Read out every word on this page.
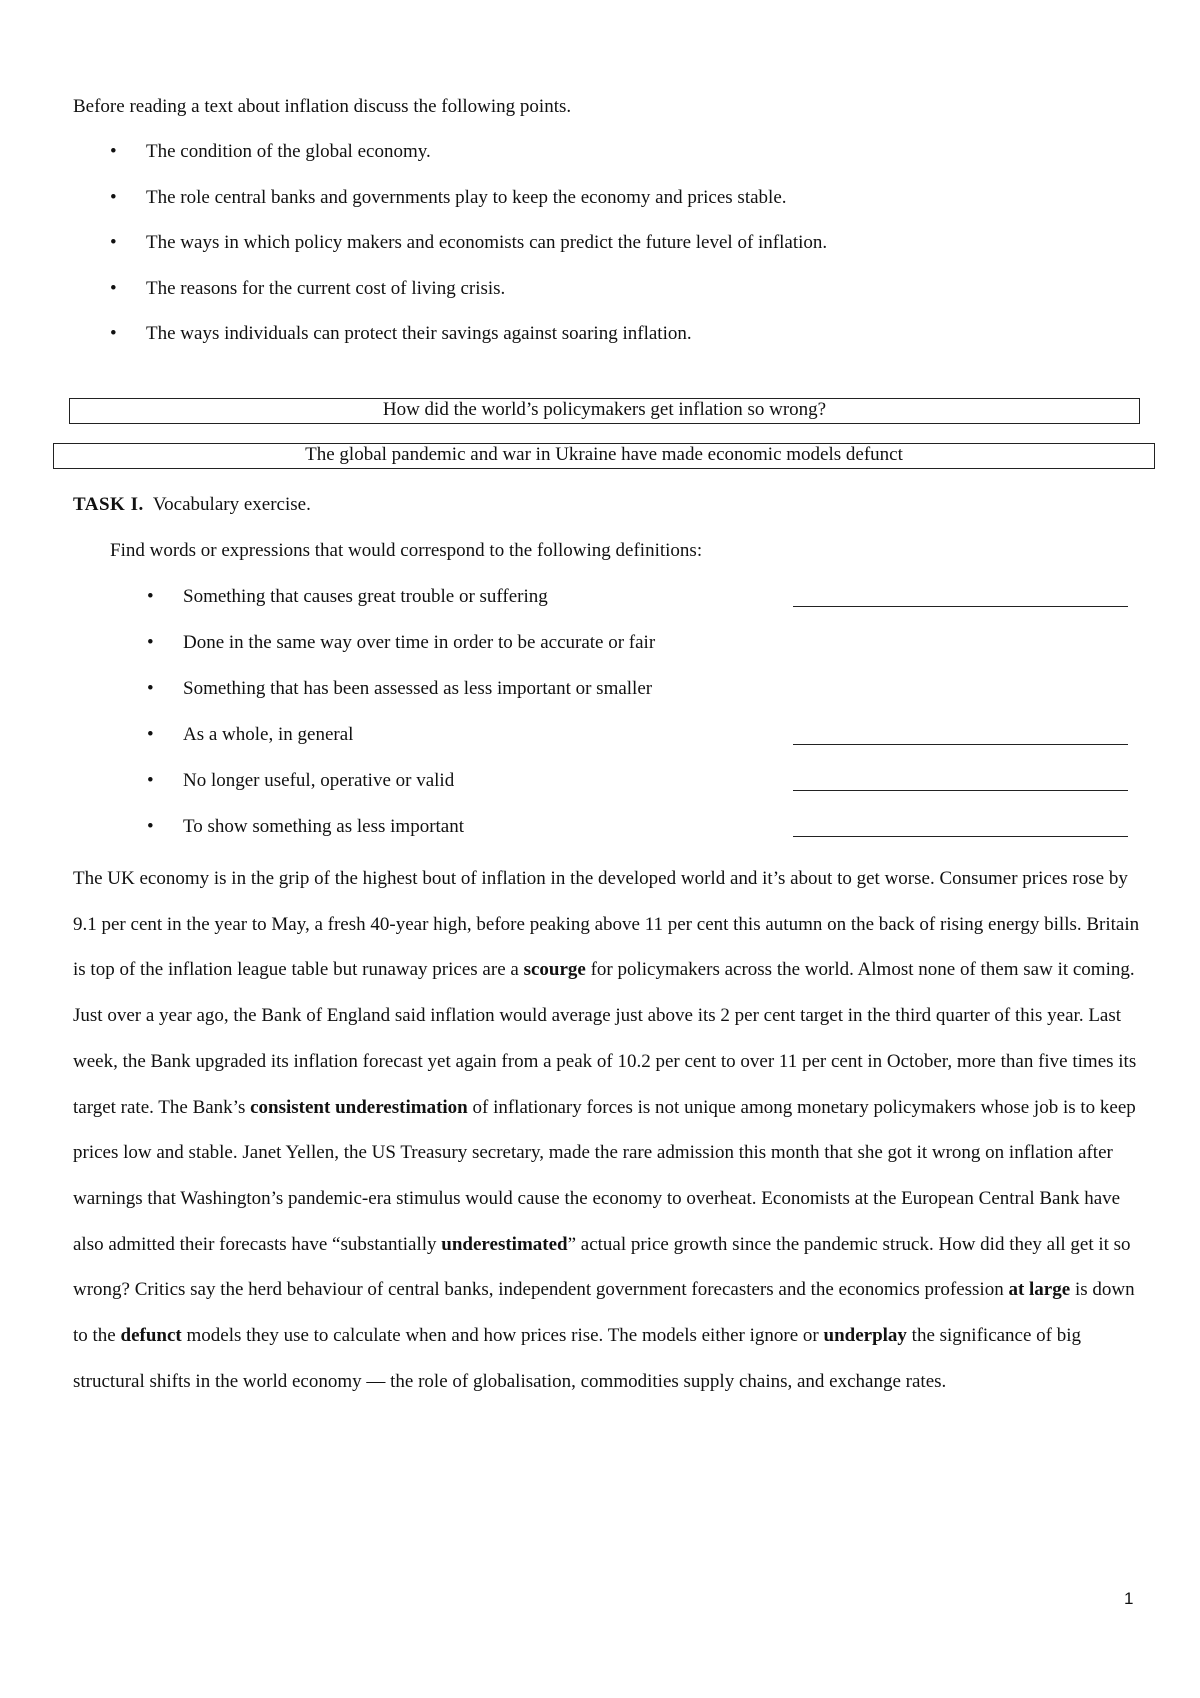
Before reading a text about inflation discuss the following points.
• The condition of the global economy.
• The role central banks and governments play to keep the economy and prices stable.
• The ways in which policy makers and economists can predict the future level of inflation.
• The reasons for the current cost of living crisis.
• The ways individuals can protect their savings against soaring inflation.
How did the world’s policymakers get inflation so wrong?
The global pandemic and war in Ukraine have made economic models defunct
TASK I. Vocabulary exercise.
Find words or expressions that would correspond to the following definitions:
• Something that causes great trouble or suffering
• Done in the same way over time in order to be accurate or fair
• Something that has been assessed as less important or smaller
• As a whole, in general
• No longer useful, operative or valid
• To show something as less important

The UK economy is in the grip of the highest bout of inflation in the developed world and it’s about to get worse. Consumer prices rose by 9.1 per cent in the year to May, a fresh 40-year high, before peaking above 11 per cent this autumn on the back of rising energy bills. Britain is top of the inflation league table but runaway prices are a scourge for policymakers across the world. Almost none of them saw it coming. Just over a year ago, the Bank of England said inflation would average just above its 2 per cent target in the third quarter of this year. Last week, the Bank upgraded its inflation forecast yet again from a peak of 10.2 per cent to over 11 per cent in October, more than five times its target rate. The Bank’s consistent underestimation of inflationary forces is not unique among monetary policymakers whose job is to keep prices low and stable. Janet Yellen, the US Treasury secretary, made the rare admission this month that she got it wrong on inflation after warnings that Washington’s pandemic-era stimulus would cause the economy to overheat. Economists at the European Central Bank have also admitted their forecasts have “substantially underestimated” actual price growth since the pandemic struck. How did they all get it so wrong? Critics say the herd behaviour of central banks, independent government forecasters and the economics profession at large is down to the defunct models they use to calculate when and how prices rise. The models either ignore or underplay the significance of big structural shifts in the world economy — the role of globalisation, commodities supply chains, and exchange rates.

1
